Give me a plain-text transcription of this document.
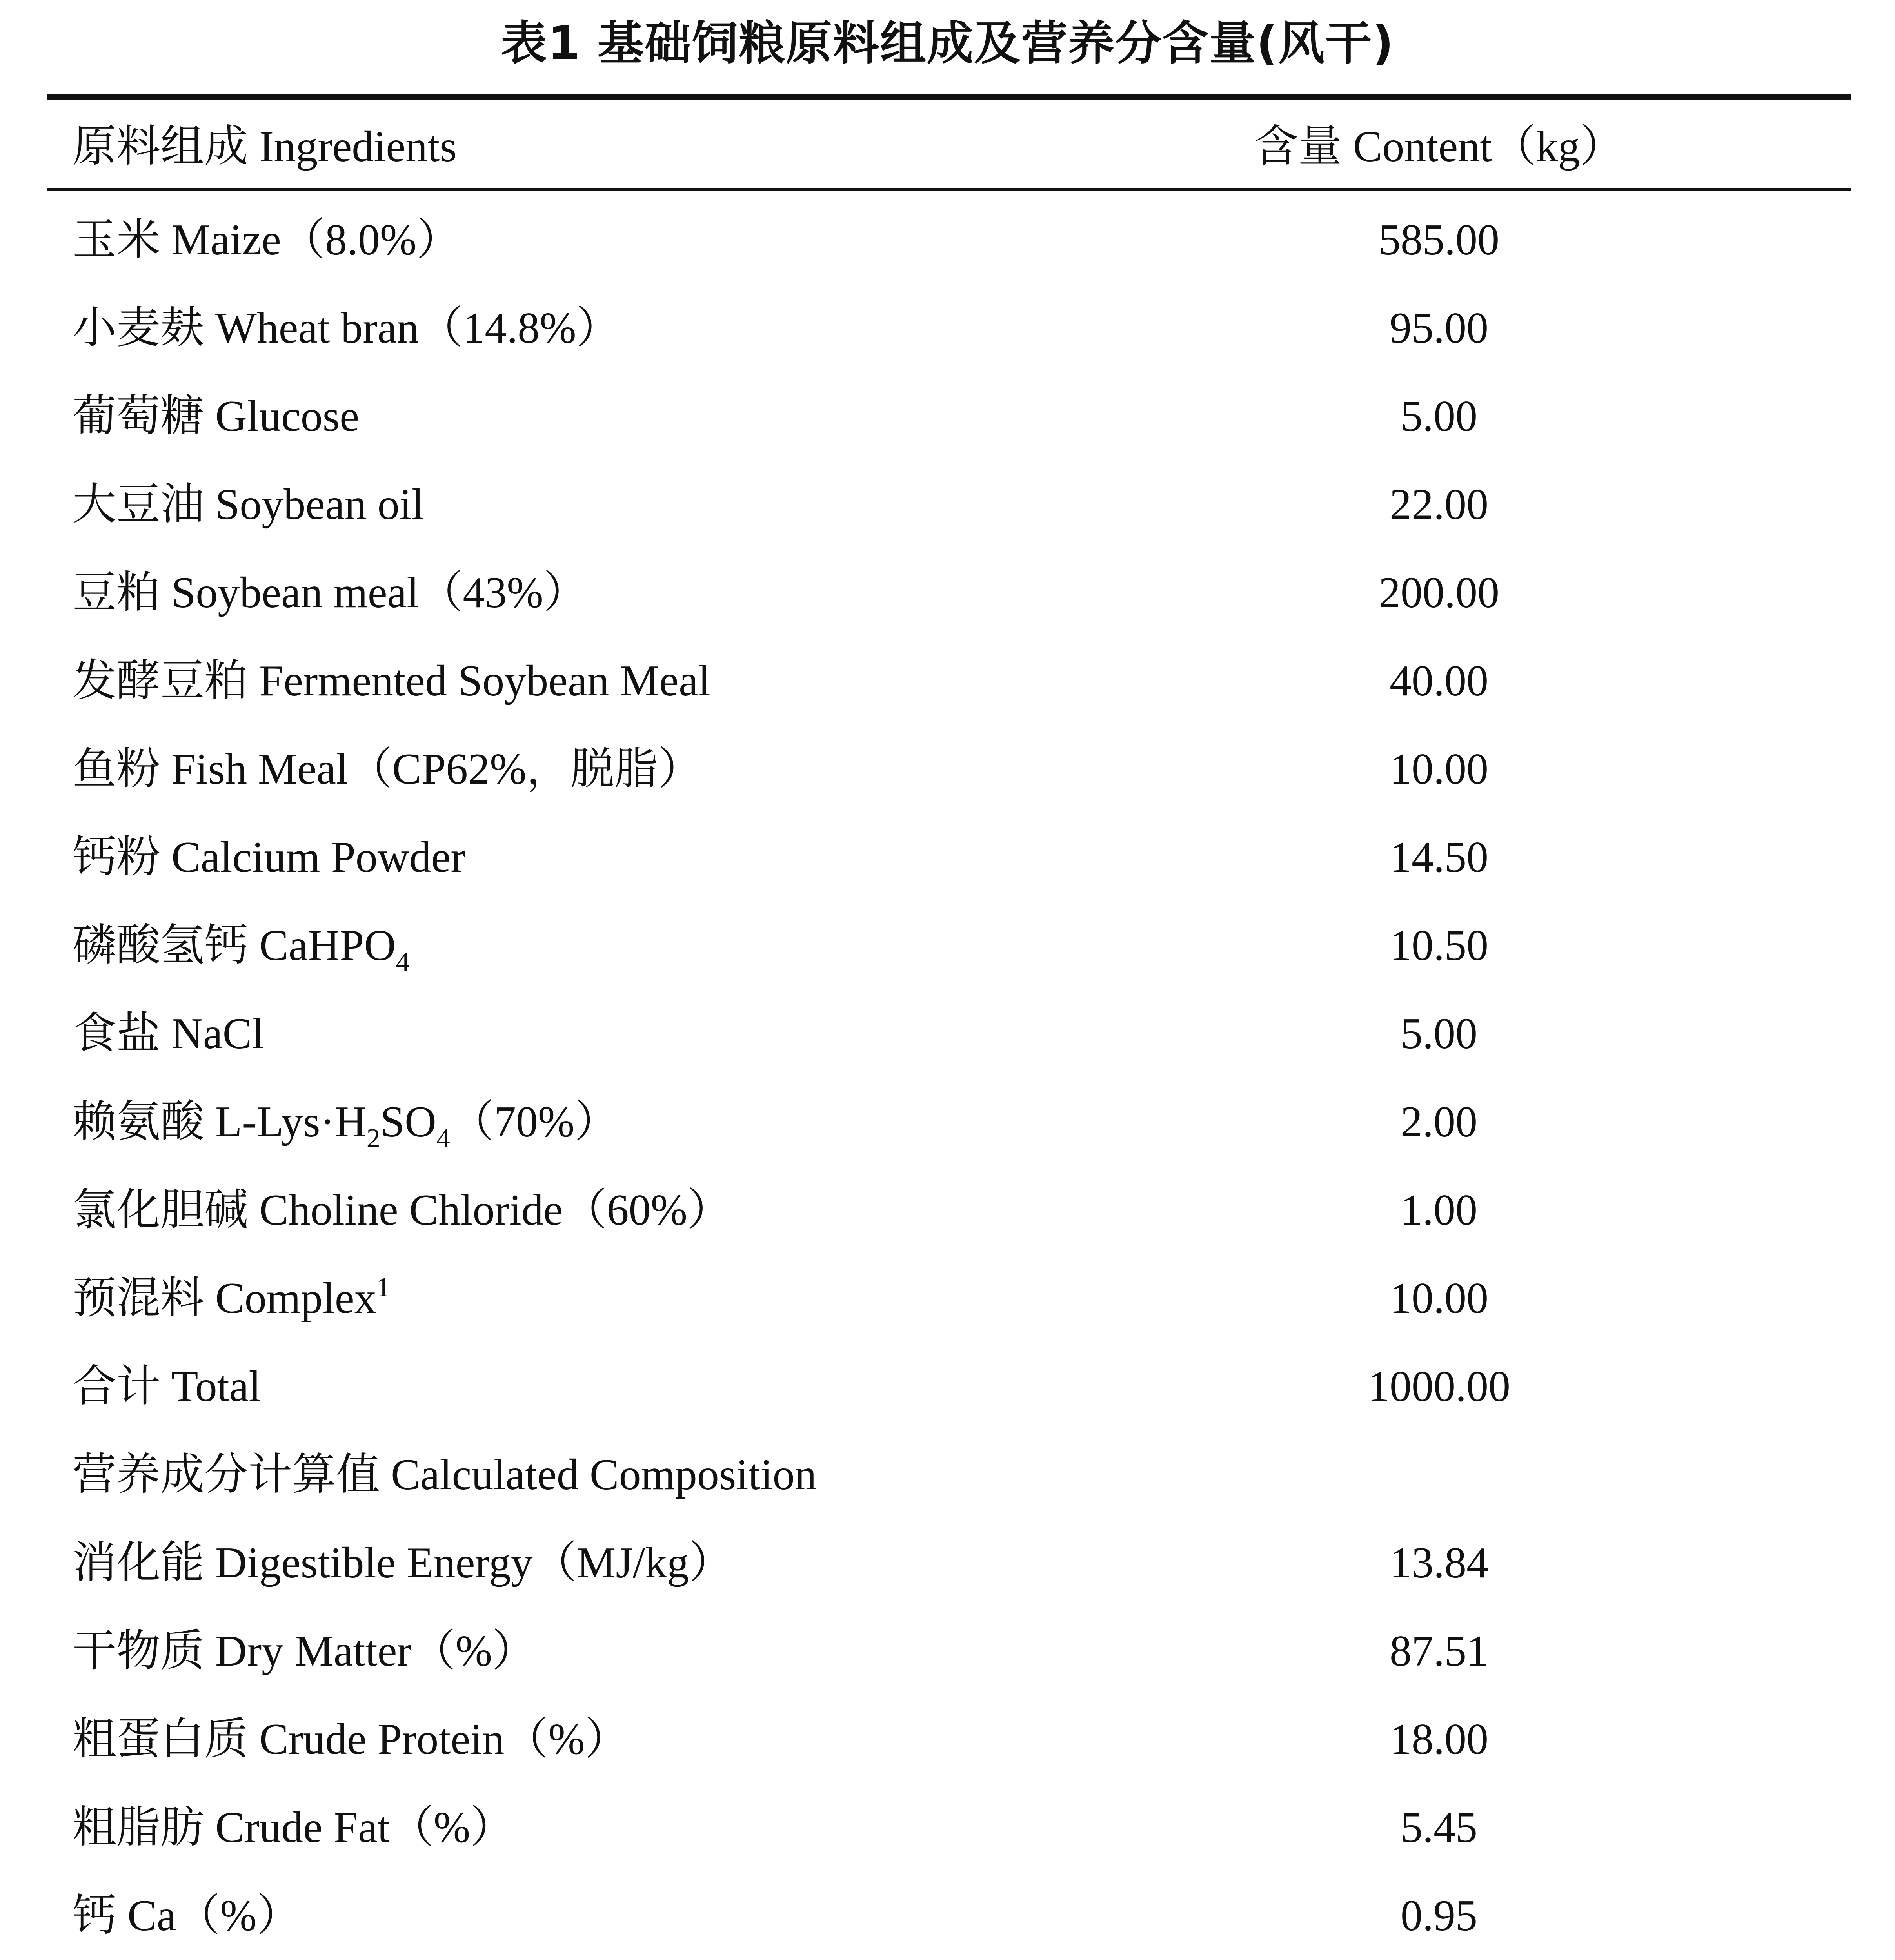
表1 基础饲粮原料组成及营养分含量(风干)
原料组成 Ingredients	含量 Content（kg）
玉米 Maize（8.0%）	585.00
小麦麸 Wheat bran（14.8%）	95.00
葡萄糖 Glucose	5.00
大豆油 Soybean oil	22.00
豆粕 Soybean meal（43%）	200.00
发酵豆粕 Fermented Soybean Meal	40.00
鱼粉 Fish Meal（CP62%，脱脂）	10.00
钙粉 Calcium Powder	14.50
磷酸氢钙 CaHPO$_4$	10.50
食盐 NaCl	5.00
赖氨酸 $L-Lys\cdot H_2SO_4(70\%)$	2.00
氯化胆碱 Choline Chloride（60%）	1.00
预混料 Complex$^1$	10.00
合计 Total	1000.00
营养成分计算值 Calculated Composition
消化能 Digestible Energy（MJ/kg）	13.84
干物质 Dry Matter（%）	87.51
粗蛋白质 Crude Protein（%）	18.00
粗脂肪 Crude Fat（%）	5.45
钙 Ca（%）	0.95
